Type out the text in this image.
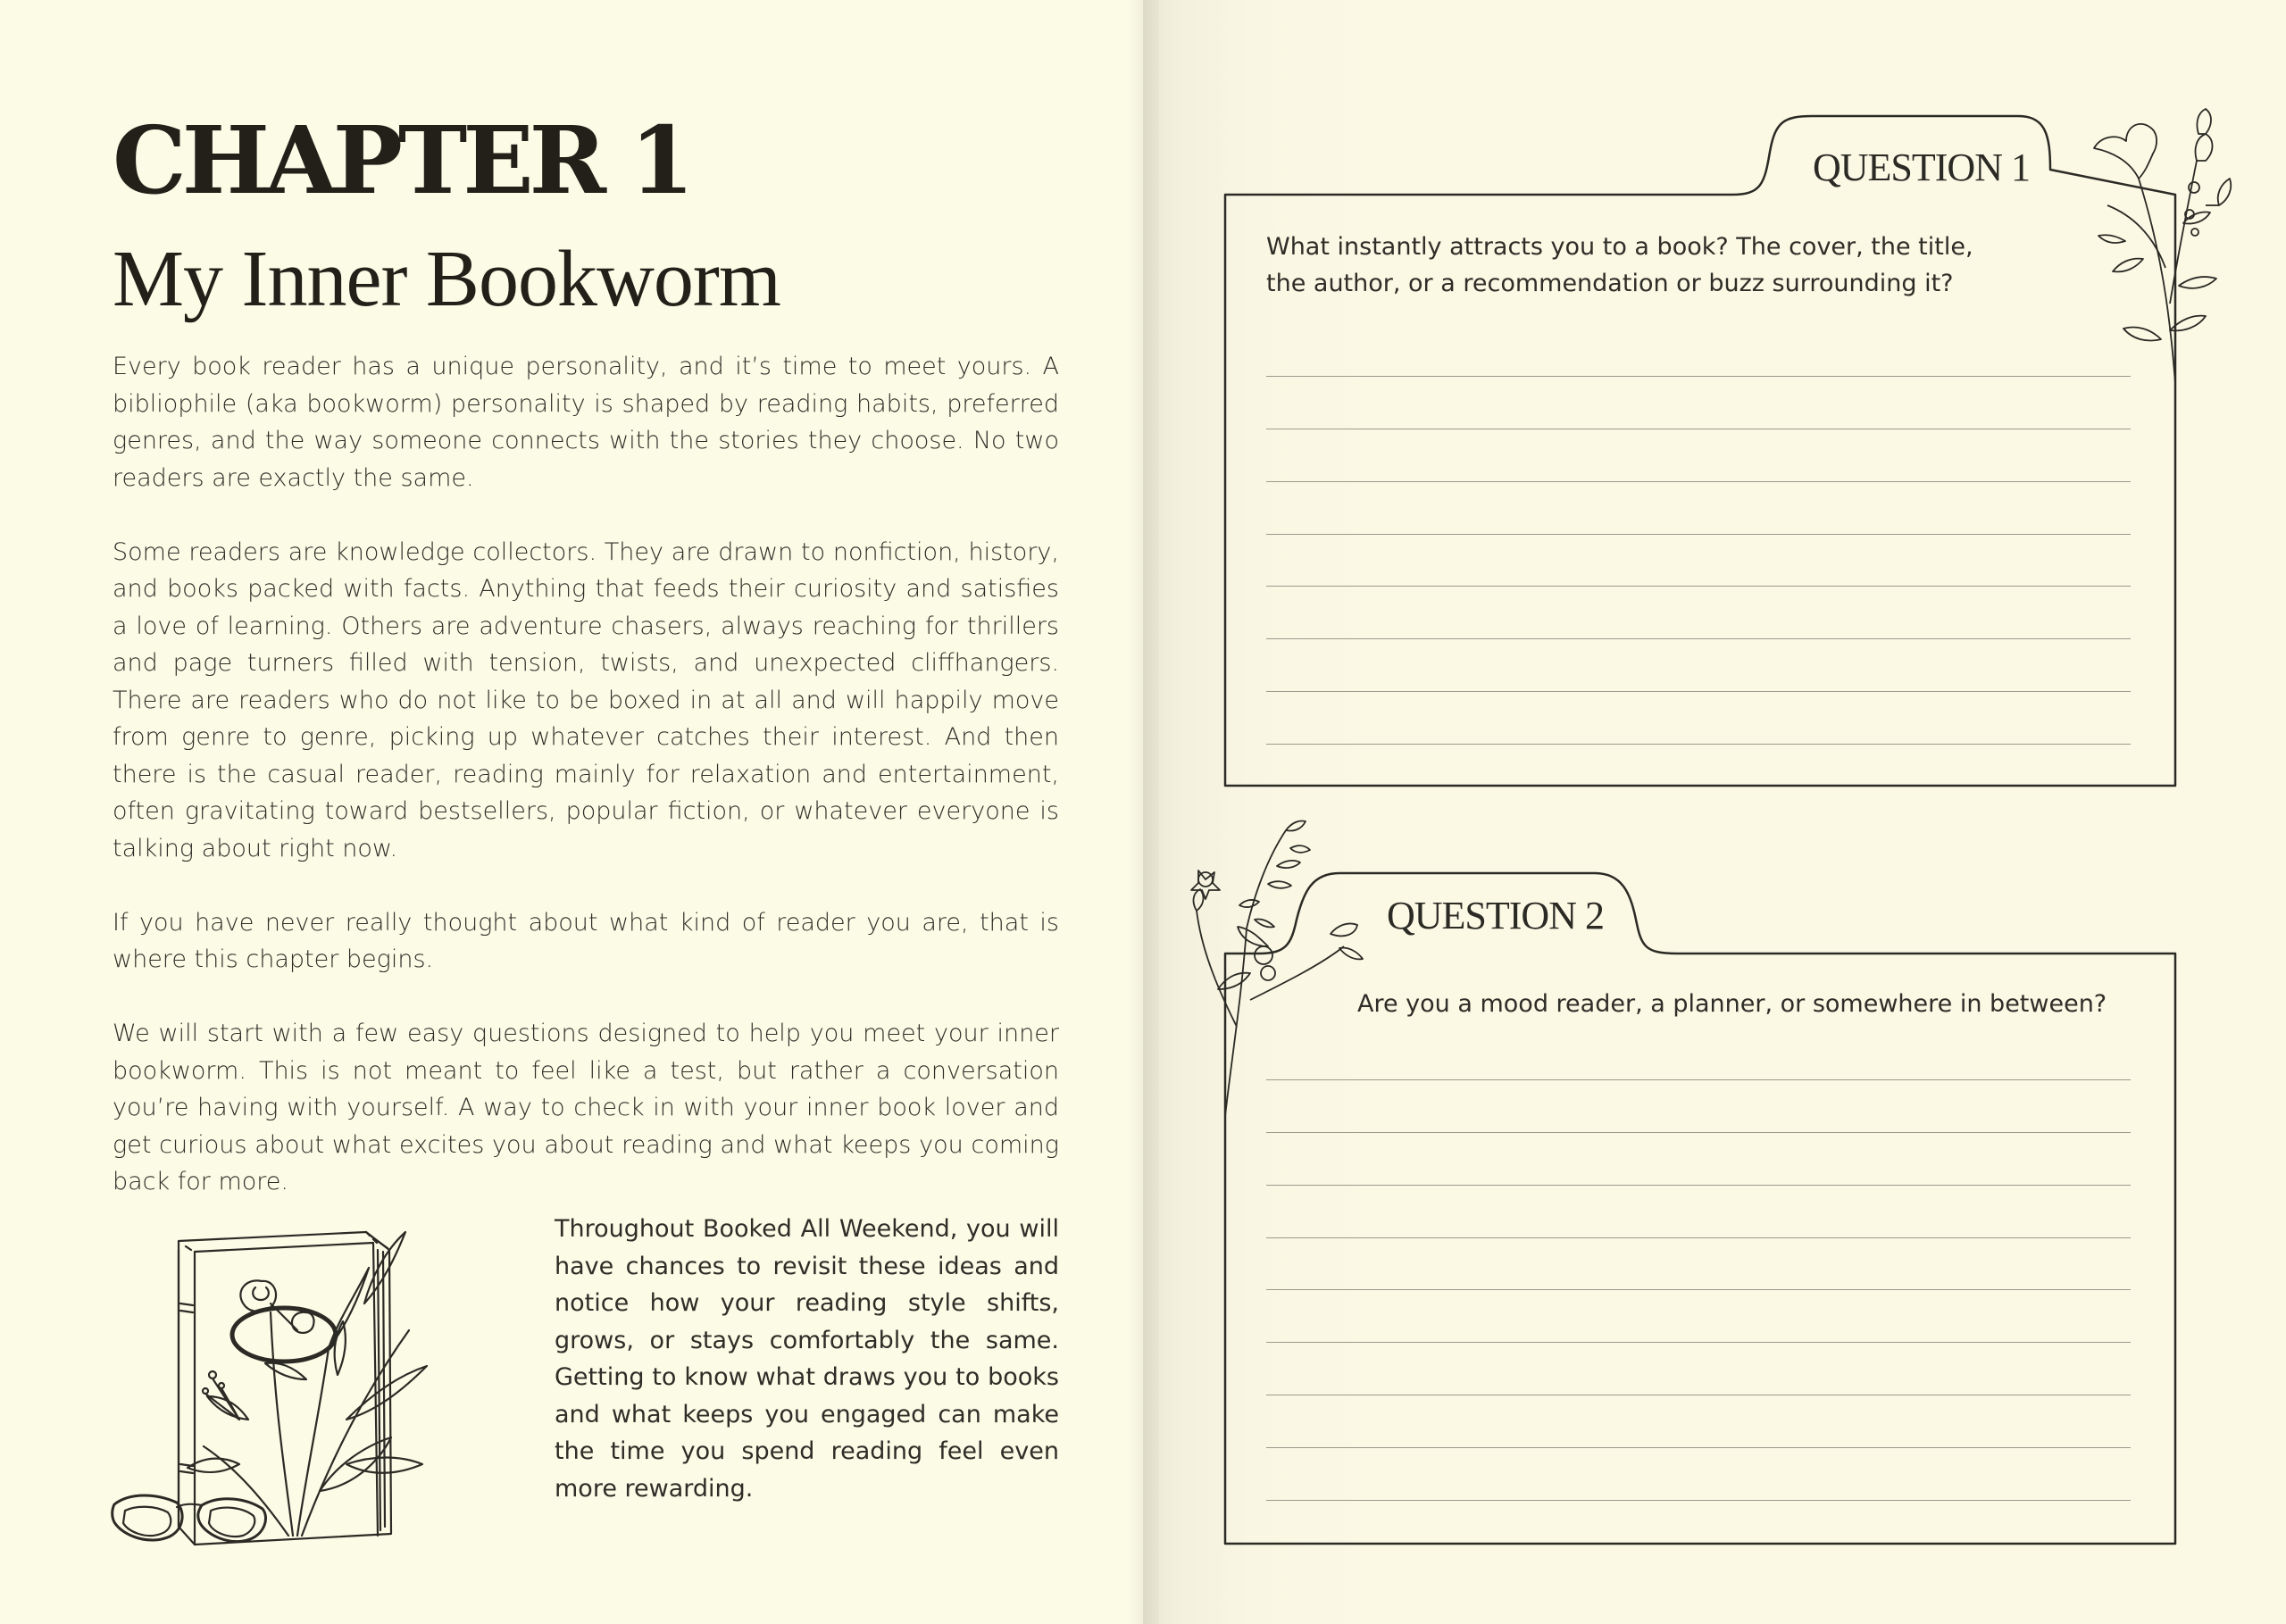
CHAPTER 1
My Inner Bookworm

Every book reader has a unique personality, and it’s time to meet yours. A bibliophile (aka bookworm) personality is shaped by reading habits, preferred genres, and the way someone connects with the stories they choose. No two readers are exactly the same.

Some readers are knowledge collectors. They are drawn to nonfiction, history, and books packed with facts. Anything that feeds their curiosity and satisfies a love of learning. Others are adventure chasers, always reaching for thrillers and page turners filled with tension, twists, and unexpected cliffhangers. There are readers who do not like to be boxed in at all and will happily move from genre to genre, picking up whatever catches their interest. And then there is the casual reader, reading mainly for relaxation and entertainment, often gravitating toward bestsellers, popular fiction, or whatever everyone is talking about right now.

If you have never really thought about what kind of reader you are, that is where this chapter begins.

We will start with a few easy questions designed to help you meet your inner bookworm. This is not meant to feel like a test, but rather a conversation you’re having with yourself. A way to check in with your inner book lover and get curious about what excites you about reading and what keeps you coming back for more.

Throughout Booked All Weekend, you will have chances to revisit these ideas and notice how your reading style shifts, grows, or stays comfortably the same. Getting to know what draws you to books and what keeps you engaged can make the time you spend reading feel even more rewarding.
QUESTION 1
What instantly attracts you to a book? The cover, the title,
the author, or a recommendation or buzz surrounding it?
QUESTION 2
Are you a mood reader, a planner, or somewhere in between?
